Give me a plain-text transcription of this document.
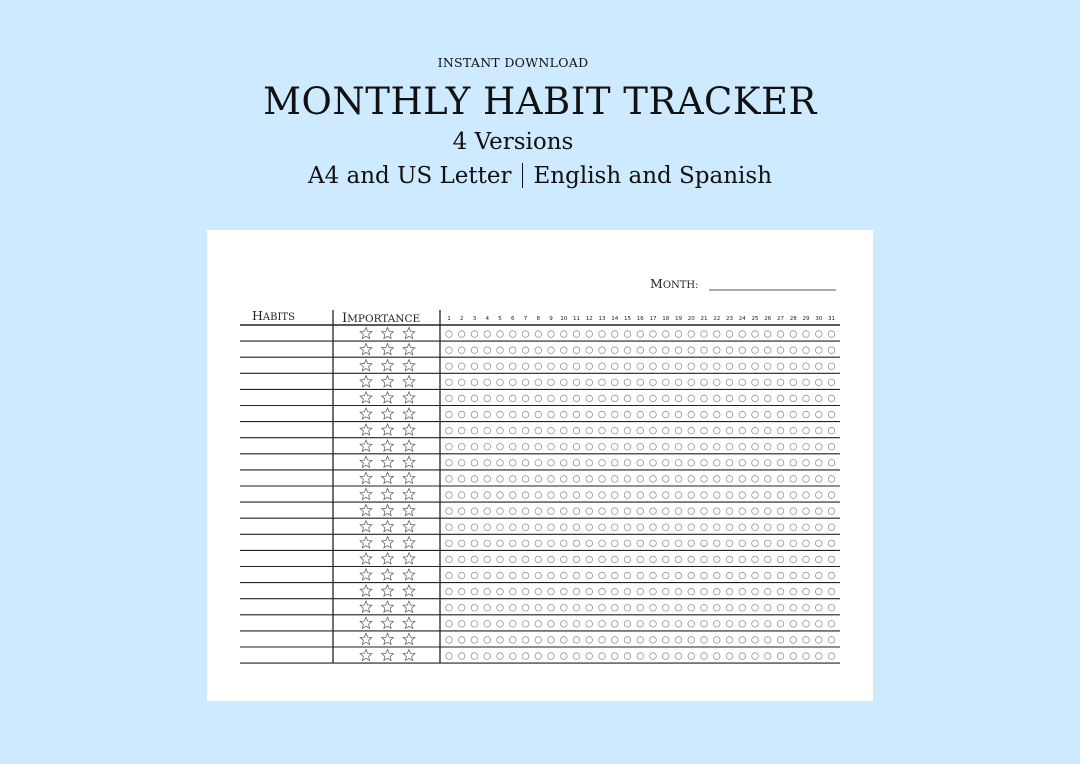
INSTANT DOWNLOAD
MONTHLY HABIT TRACKER
4 Versions
A4 and US Letter English and Spanish
MONTH:
HABITS	IMPORTANCE	1 2 3 4 5 6 7 8 9 10 11 12 13 14 15 16 17 18 19 20 21 22 23 24 25 26 27 28 29 30 31
